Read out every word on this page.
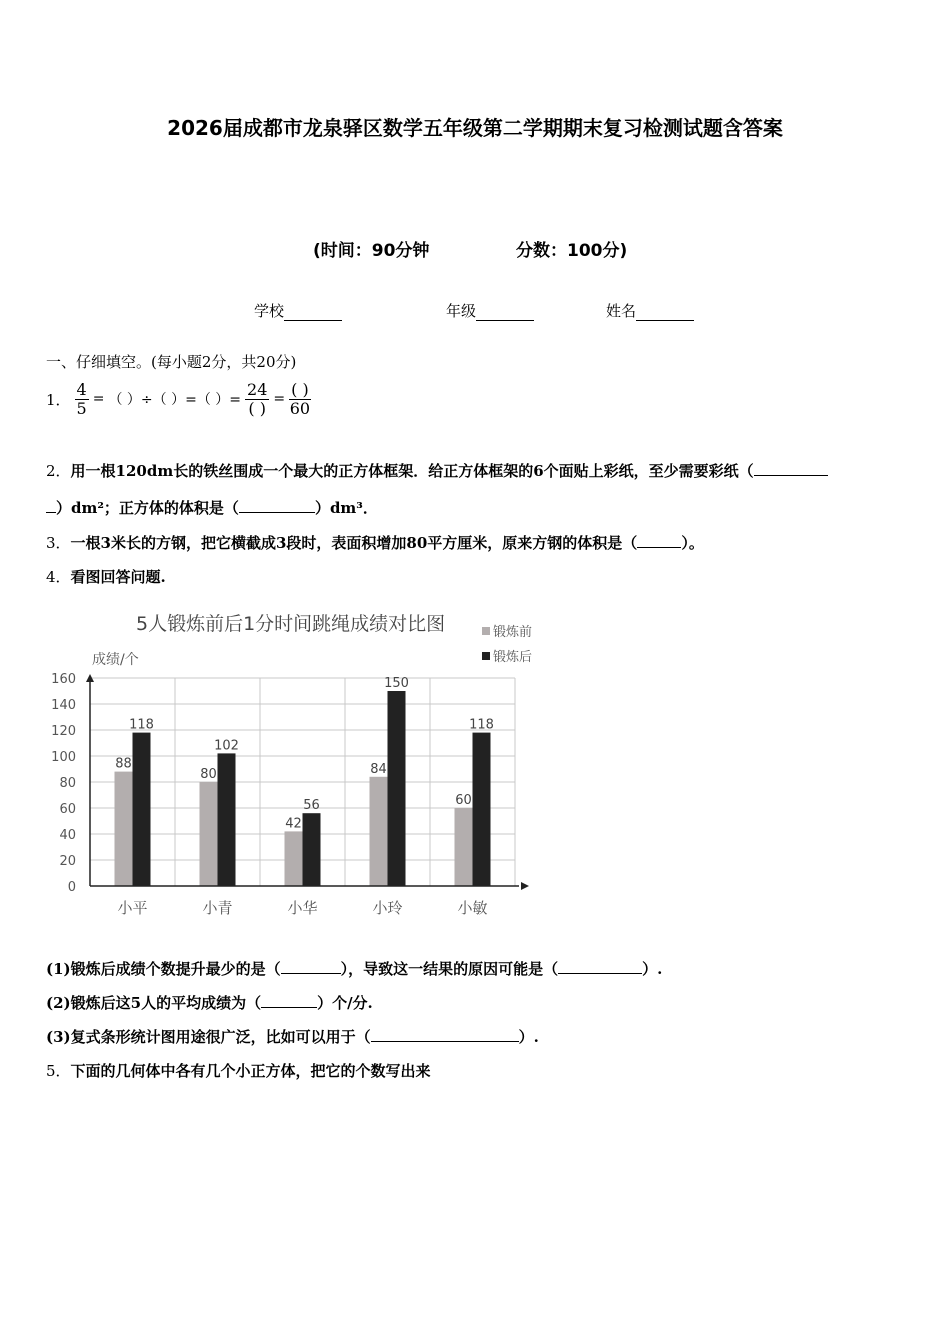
2026届成都市龙泉驿区数学五年级第二学期期末复习检测试题含答案
(时间：90分钟	分数：100分)
学校	年级	姓名
一、仔细填空。(每小题2分，共20分)
1． $\frac{4}{5}$ = （ ）÷（ ）=（ ）= $\frac{24}{( )} = \frac{( )}{60}$
2．用一根120dm长的铁丝围成一个最大的正方体框架．给正方体框架的6个面贴上彩纸，至少需要彩纸（
）dm²；正方体的体积是（	）dm³．
3．一根3米长的方钢，把它横截成3段时，表面积增加80平方厘米，原来方钢的体积是（	）。
4．看图回答问题.
5人锻炼前后1分时间跳绳成绩对比图
成绩/个
0
20
40
60
80
100
120
140
160
88
118
小平
80
102
小青
42
56
小华
84
150
小玲
60
118
小敏
锻炼前
锻炼后
(1)锻炼后成绩个数提升最少的是（	），导致这一结果的原因可能是（	）.
(2)锻炼后这5人的平均成绩为（	）个/分.
(3)复式条形统计图用途很广泛，比如可以用于（	）.
5．下面的几何体中各有几个小正方体，把它的个数写出来
